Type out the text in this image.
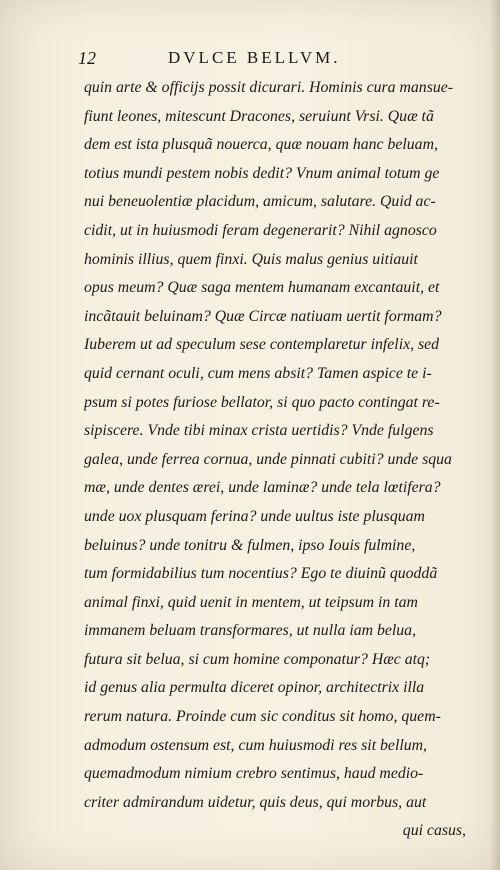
12	DVLCE BELLVM.
quin arte & officijs possit dicurari. Hominis cura mansue-
fiunt leones, mitescunt Dracones, seruiunt Vrsi. Quæ tã
dem est ista plusquã nouerca, quæ nouam hanc beluam,
totius mundi pestem nobis dedit? Vnum animal totum ge
nui beneuolentiæ placidum, amicum, salutare. Quid ac-
cidit, ut in huiusmodi feram degenerarit? Nihil agnosco
hominis illius, quem finxi. Quis malus genius uitiauit
opus meum? Quæ saga mentem humanam excantauit, et
incãtauit beluinam? Quæ Circæ natiuam uertit formam?
Iuberem ut ad speculum sese contemplaretur infelix, sed
quid cernant oculi, cum mens absit? Tamen aspice te i-
psum si potes furiose bellator, si quo pacto contingat re-
sipiscere. Vnde tibi minax crista uertidis? Vnde fulgens
galea, unde ferrea cornua, unde pinnati cubiti? unde squa
mæ, unde dentes ærei, unde laminæ? unde tela lœtifera?
unde uox plusquam ferina? unde uultus iste plusquam
beluinus? unde tonitru & fulmen, ipso Iouis fulmine,
tum formidabilius tum nocentius? Ego te diuinũ quoddã
animal finxi, quid uenit in mentem, ut teipsum in tam
immanem beluam transformares, ut nulla iam belua,
futura sit belua, si cum homine componatur? Hæc atq;
id genus alia permulta diceret opinor, architectrix illa
rerum natura. Proinde cum sic conditus sit homo, quem-
admodum ostensum est, cum huiusmodi res sit bellum,
quemadmodum nimium crebro sentimus, haud medio-
criter admirandum uidetur, quis deus, qui morbus, aut
qui casus,
